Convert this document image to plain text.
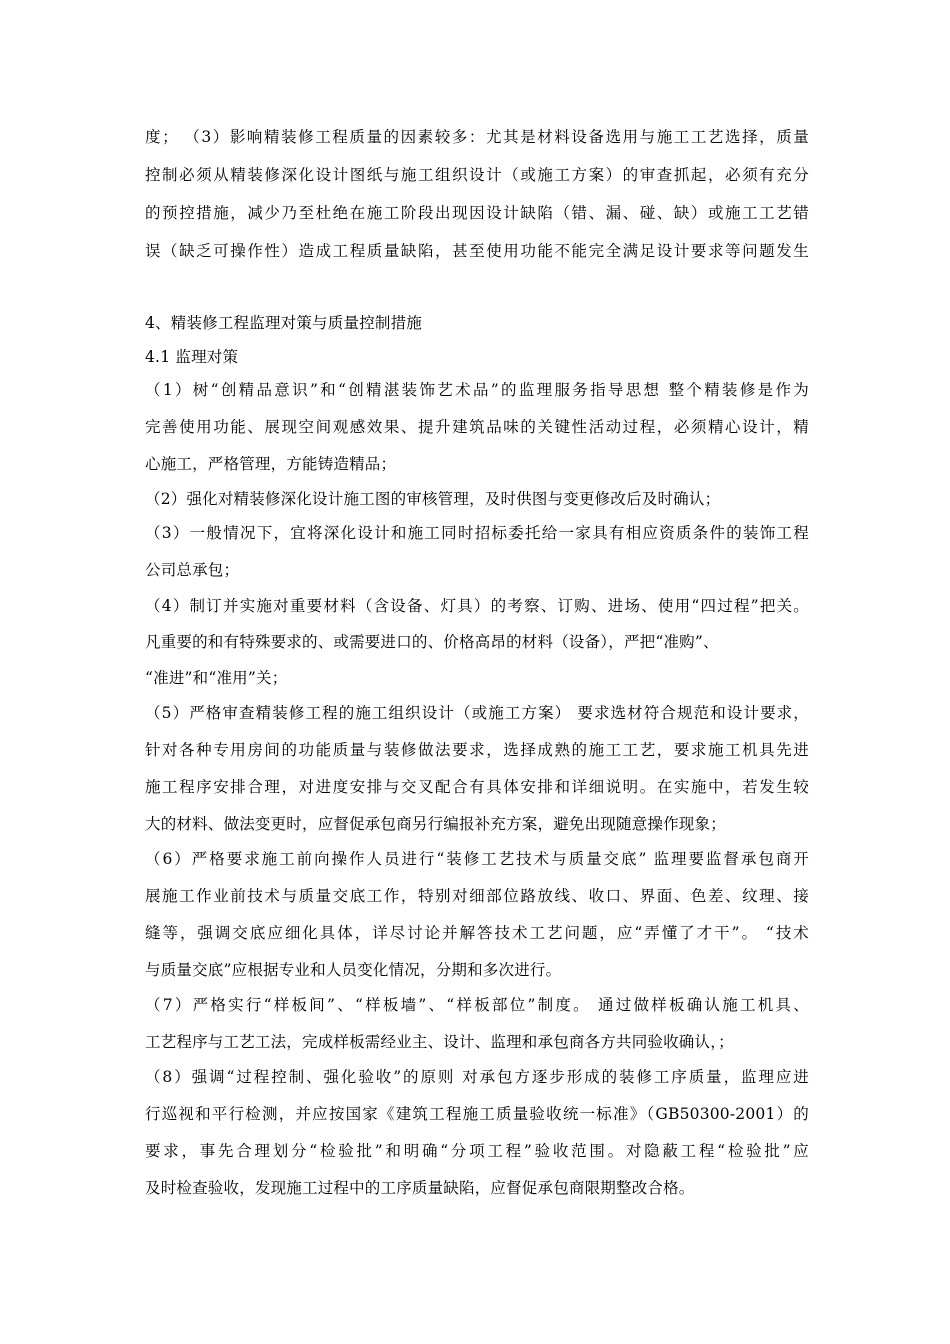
度； （3）影响精装修工程质量的因素较多：尤其是材料设备选用与施工工艺选择，质量
控制必须从精装修深化设计图纸与施工组织设计（或施工方案）的审查抓起，必须有充分
的预控措施，减少乃至杜绝在施工阶段出现因设计缺陷（错、漏、碰、缺）或施工工艺错
误（缺乏可操作性）造成工程质量缺陷，甚至使用功能不能完全满足设计要求等问题发生
4、精装修工程监理对策与质量控制措施
4.1 监理对策
（1）树“创精品意识”和“创精湛装饰艺术品”的监理服务指导思想 整个精装修是作为
完善使用功能、展现空间观感效果、提升建筑品味的关键性活动过程，必须精心设计，精
心施工，严格管理，方能铸造精品；
（2）强化对精装修深化设计施工图的审核管理，及时供图与变更修改后及时确认；
（3）一般情况下，宜将深化设计和施工同时招标委托给一家具有相应资质条件的装饰工程
公司总承包；
（4）制订并实施对重要材料（含设备、灯具）的考察、订购、进场、使用“四过程”把关。
凡重要的和有特殊要求的、或需要进口的、价格高昂的材料（设备），严把“准购”、
“准进”和“准用”关；
（5）严格审查精装修工程的施工组织设计（或施工方案） 要求选材符合规范和设计要求，
针对各种专用房间的功能质量与装修做法要求，选择成熟的施工工艺，要求施工机具先进
施工程序安排合理，对进度安排与交叉配合有具体安排和详细说明。在实施中，若发生较
大的材料、做法变更时，应督促承包商另行编报补充方案，避免出现随意操作现象；
（6）严格要求施工前向操作人员进行“装修工艺技术与质量交底” 监理要监督承包商开
展施工作业前技术与质量交底工作，特别对细部位路放线、收口、界面、色差、纹理、接
缝等，强调交底应细化具体，详尽讨论并解答技术工艺问题，应“弄懂了才干”。 “技术
与质量交底”应根据专业和人员变化情况，分期和多次进行。
（7）严格实行“样板间”、“样板墙”、“样板部位”制度。 通过做样板确认施工机具、
工艺程序与工艺工法，完成样板需经业主、设计、监理和承包商各方共同验收确认，；
（8）强调“过程控制、强化验收”的原则 对承包方逐步形成的装修工序质量，监理应进
行巡视和平行检测，并应按国家《建筑工程施工质量验收统一标准》（GB50300-2001）的
要求，事先合理划分“检验批”和明确“分项工程”验收范围。对隐蔽工程“检验批”应
及时检查验收，发现施工过程中的工序质量缺陷，应督促承包商限期整改合格。
